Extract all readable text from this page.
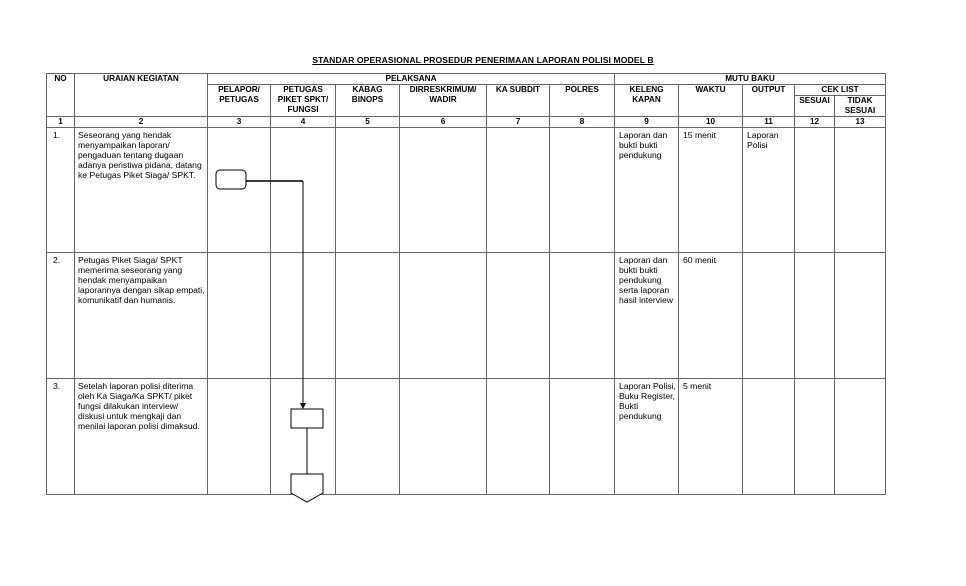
STANDAR OPERASIONAL PROSEDUR PENERIMAAN LAPORAN POLISI MODEL B
NO	URAIAN KEGIATAN	PELAKSANA						MUTU BAKU				
		PELAPOR/ PETUGAS	PETUGAS PIKET SPKT/ FUNGSI	KABAG BINOPS	DIRRESKRIMUM/ WADIR	KA SUBDIT	POLRES	KELENG KAPAN	WAKTU	OUTPUT	CEK LIST	
											SESUAI	TIDAK SESUAI
1	2	3	4	5	6	7	8	9	10	11	12	13
1.	Seseorang yang hendak menyampaikan laporan/ pengaduan tentang dugaan adanya peristiwa pidana, datang ke Petugas Piket Siaga/ SPKT.							Laporan dan bukti bukti pendukung	15 menit	Laporan Polisi		
2.	Petugas Piket Siaga/ SPKT memerima seseorang yang hendak menyampaikan laporannya dengan sikap empati, komunikatif dan humanis.							Laporan dan bukti bukti pendukung serta laporan hasil interview	60 menit			
3.	Setelah laporan polisi diterima oleh Ka Siaga/Ka SPKT/ piket fungsi dilakukan interview/ diskusi untuk mengkaji dan menilai laporan polisi dimaksud.							Laporan Polisi, Buku Register, Bukti pendukung	5 menit			
